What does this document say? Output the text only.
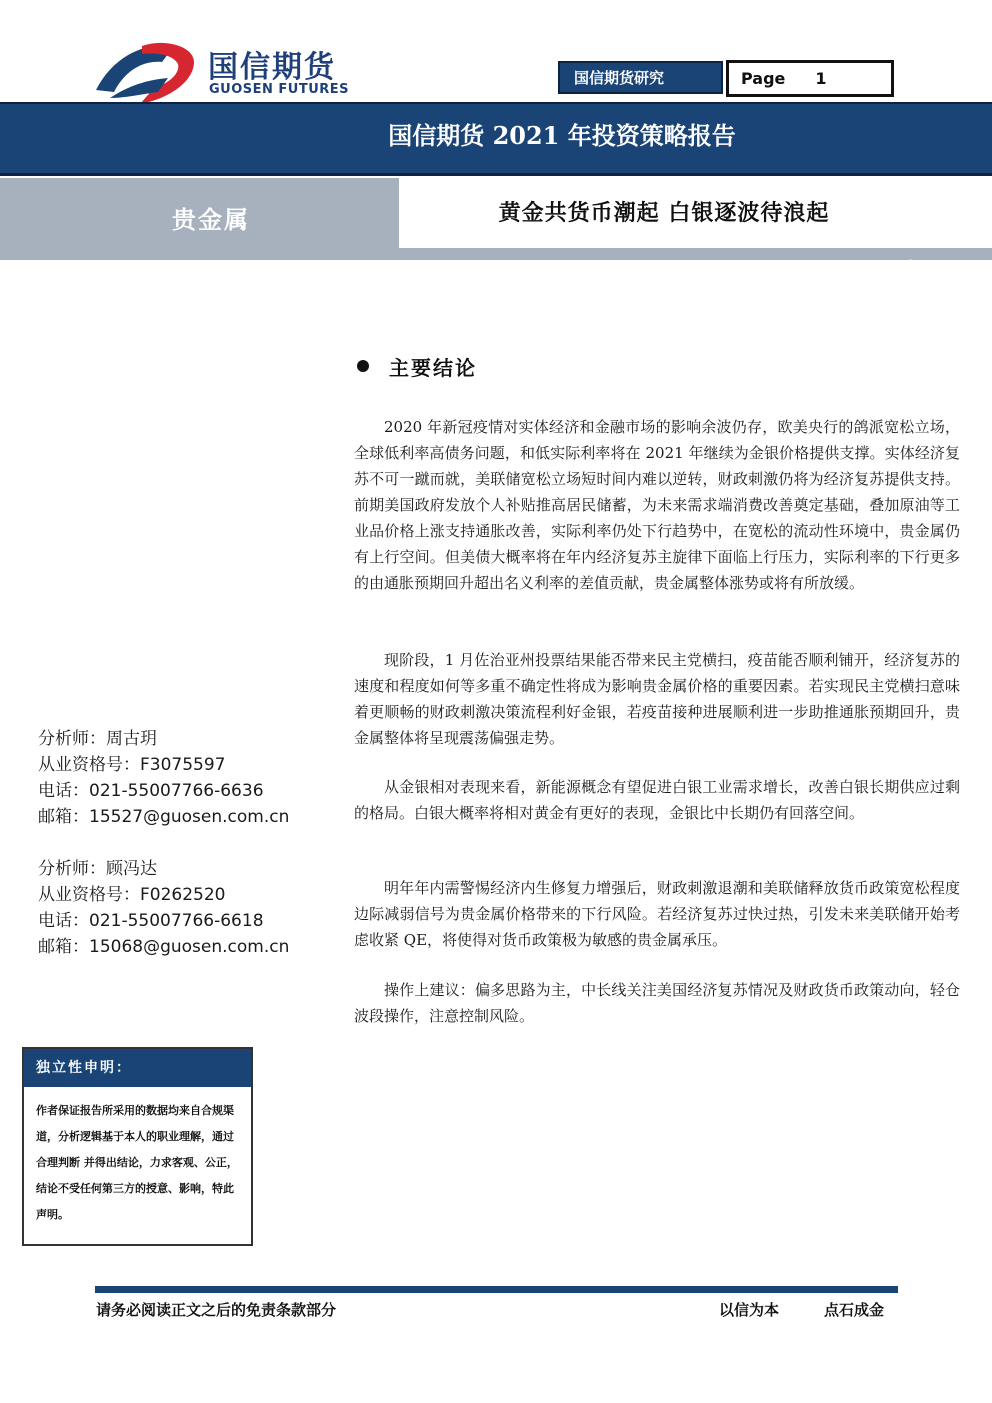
国信期货
GUOSEN FUTURES
国信期货研究	Page 1
国信期货 2021 年投资策略报告
贵金属	黄金共货币潮起 白银逐波待浪起
2020 年 12 月 27 日
主要结论

2020 年新冠疫情对实体经济和金融市场的影响余波仍存，欧美央行的鸽派宽松立场，全球低利率高债务问题，和低实际利率将在 2021 年继续为金银价格提供支撑。实体经济复苏不可一蹴而就，美联储宽松立场短时间内难以逆转，财政刺激仍将为经济复苏提供支持。前期美国政府发放个人补贴推高居民储蓄，为未来需求端消费改善奠定基础，叠加原油等工业品价格上涨支持通胀改善，实际利率仍处下行趋势中，在宽松的流动性环境中，贵金属仍有上行空间。但美债大概率将在年内经济复苏主旋律下面临上行压力，实际利率的下行更多的由通胀预期回升超出名义利率的差值贡献，贵金属整体涨势或将有所放缓。

现阶段，1 月佐治亚州投票结果能否带来民主党横扫，疫苗能否顺利铺开，经济复苏的速度和程度如何等多重不确定性将成为影响贵金属价格的重要因素。若实现民主党横扫意味着更顺畅的财政刺激决策流程利好金银，若疫苗接种进展顺利进一步助推通胀预期回升，贵金属整体将呈现震荡偏强走势。

从金银相对表现来看，新能源概念有望促进白银工业需求增长，改善白银长期供应过剩的格局。白银大概率将相对黄金有更好的表现，金银比中长期仍有回落空间。

明年年内需警惕经济内生修复力增强后，财政刺激退潮和美联储释放货币政策宽松程度边际减弱信号为贵金属价格带来的下行风险。若经济复苏过快过热，引发未来美联储开始考虑收紧 QE，将使得对货币政策极为敏感的贵金属承压。

操作上建议：偏多思路为主，中长线关注美国经济复苏情况及财政货币政策动向，轻仓波段操作，注意控制风险。

分析师：周古玥
从业资格号：F3075597
电话：021-55007766-6636
邮箱：15527@guosen.com.cn
分析师：顾冯达
从业资格号：F0262520
电话：021-55007766-6618
邮箱：15068@guosen.com.cn
独立性申明：
作者保证报告所采用的数据均来自合规渠道，分析逻辑基于本人的职业理解，通过合理判断 并得出结论，力求客观、公正，结论不受任何第三方的授意、影响，特此声明。
请务必阅读正文之后的免责条款部分	以信为本	点石成金
